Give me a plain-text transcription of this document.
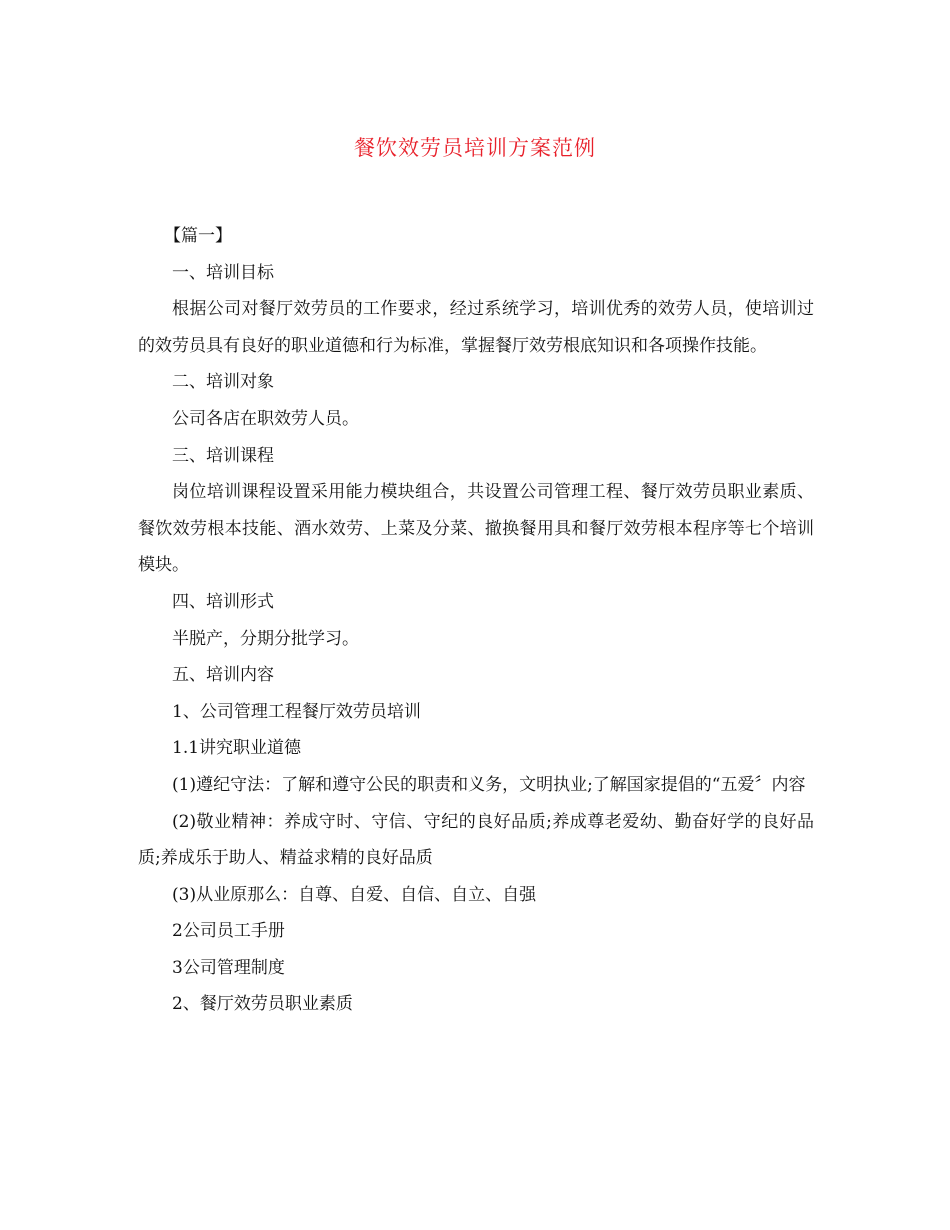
餐饮效劳员培训方案范例

【篇一】

一、培训目标

根据公司对餐厅效劳员的工作要求，经过系统学习，培训优秀的效劳人员，使培训过的效劳员具有良好的职业道德和行为标准，掌握餐厅效劳根底知识和各项操作技能。

二、培训对象

公司各店在职效劳人员。

三、培训课程

岗位培训课程设置采用能力模块组合，共设置公司管理工程、餐厅效劳员职业素质、餐饮效劳根本技能、酒水效劳、上菜及分菜、撤换餐用具和餐厅效劳根本程序等七个培训模块。

四、培训形式

半脱产，分期分批学习。

五、培训内容

1、公司管理工程餐厅效劳员培训

1.1讲究职业道德

(1)遵纪守法：了解和遵守公民的职责和义务，文明执业;了解国家提倡的“五爱〞内容

(2)敬业精神：养成守时、守信、守纪的良好品质;养成尊老爱幼、勤奋好学的良好品质;养成乐于助人、精益求精的良好品质

(3)从业原那么：自尊、自爱、自信、自立、自强

2公司员工手册

3公司管理制度

2、餐厅效劳员职业素质
